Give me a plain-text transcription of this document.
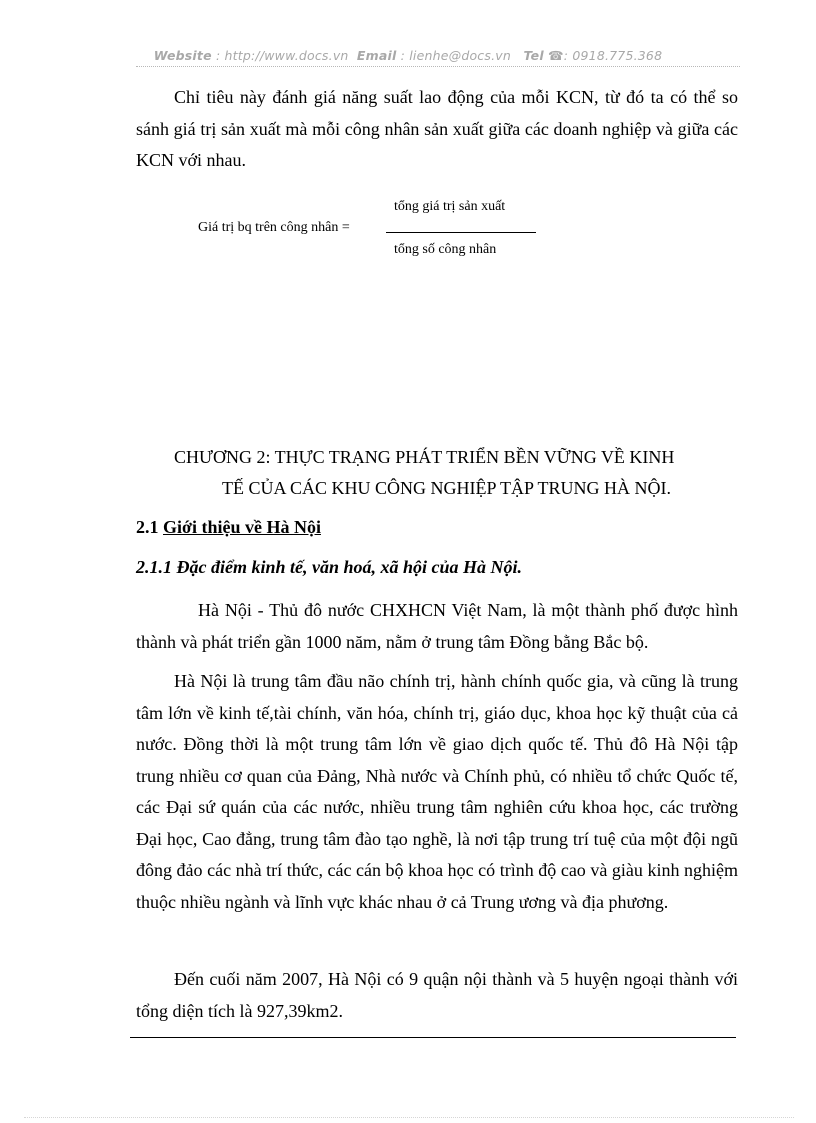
Website : http://www.docs.vn Email : lienhe@docs.vn Tel ☎: 0918.775.368

Chỉ tiêu này đánh giá năng suất lao động của mỗi KCN, từ đó ta có thể so sánh giá trị sản xuất mà mỗi công nhân sản xuất giữa các doanh nghiệp và giữa các KCN với nhau.

Giá trị bq trên công nhân =
tổng giá trị sản xuất
tổng số công nhân

CHƯƠNG 2: THỰC TRẠNG PHÁT TRIỂN BỀN VỮNG VỀ KINH

TẾ CỦA CÁC KHU CÔNG NGHIỆP TẬP TRUNG HÀ NỘI.

2.1 Giới thiệu về Hà Nội

2.1.1 Đặc điểm kinh tế, văn hoá, xã hội của Hà Nội.

Hà Nội - Thủ đô nước CHXHCN Việt Nam, là một thành phố được hình thành và phát triển gần 1000 năm, nằm ở trung tâm Đồng bằng Bắc bộ.

Hà Nội là trung tâm đầu não chính trị, hành chính quốc gia, và cũng là trung tâm lớn về kinh tế,tài chính, văn hóa, chính trị, giáo dục, khoa học kỹ thuật của cả nước. Đồng thời là một trung tâm lớn về giao dịch quốc tế. Thủ đô Hà Nội tập trung nhiều cơ quan của Đảng, Nhà nước và Chính phủ, có nhiều tổ chức Quốc tế, các Đại sứ quán của các nước, nhiều trung tâm nghiên cứu khoa học, các trường Đại học, Cao đẳng, trung tâm đào tạo nghề, là nơi tập trung trí tuệ của một đội ngũ đông đảo các nhà trí thức, các cán bộ khoa học có trình độ cao và giàu kinh nghiệm thuộc nhiều ngành và lĩnh vực khác nhau ở cả Trung ương và địa phương.

Đến cuối năm 2007, Hà Nội có 9 quận nội thành và 5 huyện ngoại thành với tổng diện tích là 927,39km2.
